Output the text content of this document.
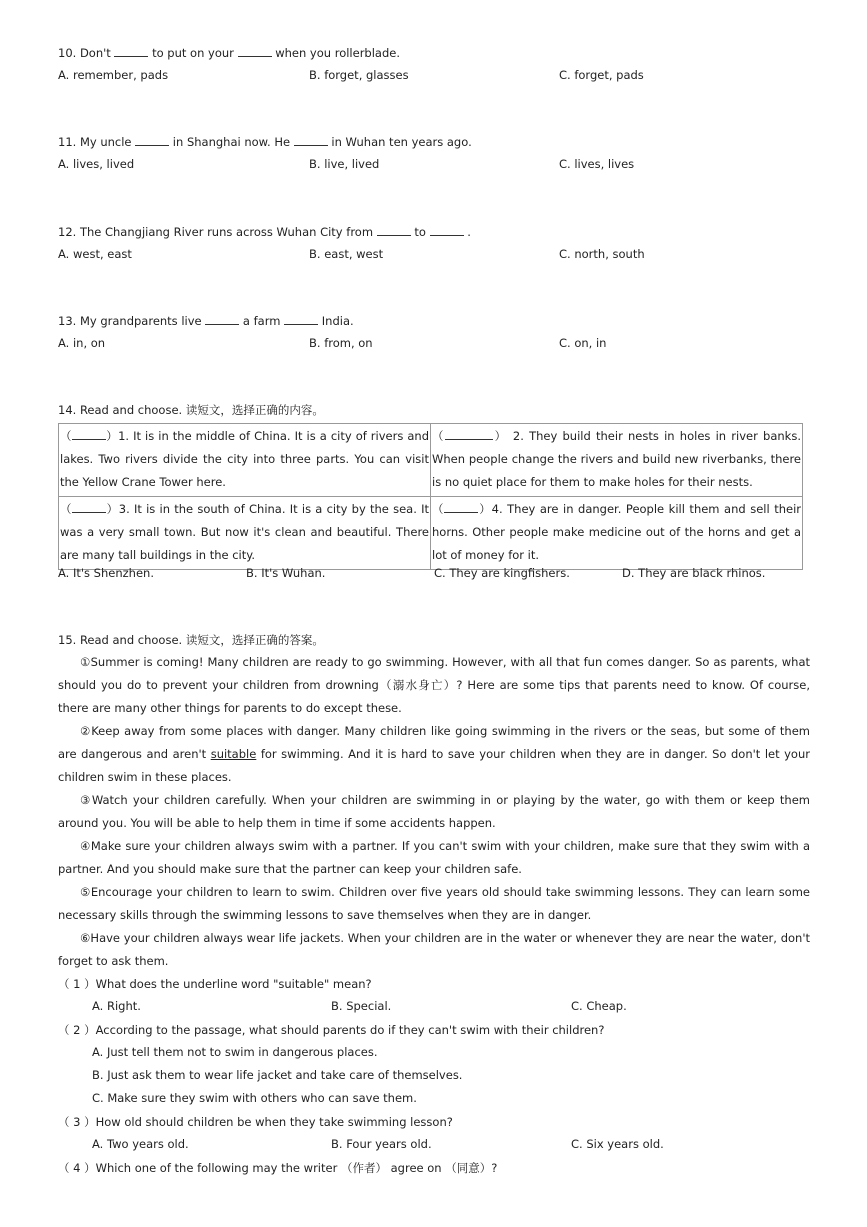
10. Don't	to put on your	when you rollerblade.
A. remember, pads	B. forget, glasses	C. forget, pads
11. My uncle	in Shanghai now. He	in Wuhan ten years ago.
A. lives, lived	B. live, lived	C. lives, lives
12. The Changjiang River runs across Wuhan City from	to	.
A. west, east	B. east, west	C. north, south
13. My grandparents live	a farm	India.
A. in, on	B. from, on	C. on, in
14. Read and choose. 读短文，选择正确的内容。
（ ）1. It is in the middle of China. It is a city of rivers and lakes. Two rivers divide the city into three parts. You can visit the Yellow Crane Tower here.	（ ） 2. They build their nests in holes in river banks. When people change the rivers and build new riverbanks, there is no quiet place for them to make holes for their nests.
（ ）3. It is in the south of China. It is a city by the sea. It was a very small town. But now it's clean and beautiful. There are many tall buildings in the city.	（ ）4. They are in danger. People kill them and sell their horns. Other people make medicine out of the horns and get a lot of money for it.
A. It's Shenzhen.	B. It's Wuhan.	C. They are kingfishers.	D. They are black rhinos.
15. Read and choose. 读短文，选择正确的答案。
①Summer is coming! Many children are ready to go swimming. However, with all that fun comes danger. So as parents, what should you do to prevent your children from drowning（溺水身亡）? Here are some tips that parents need to know. Of course, there are many other things for parents to do except these.
②Keep away from some places with danger. Many children like going swimming in the rivers or the seas, but some of them are dangerous and aren't suitable for swimming. And it is hard to save your children when they are in danger. So don't let your children swim in these places.
③Watch your children carefully. When your children are swimming in or playing by the water, go with them or keep them around you. You will be able to help them in time if some accidents happen.
④Make sure your children always swim with a partner. If you can't swim with your children, make sure that they swim with a partner. And you should make sure that the partner can keep your children safe.
⑤Encourage your children to learn to swim. Children over five years old should take swimming lessons. They can learn some necessary skills through the swimming lessons to save themselves when they are in danger.
⑥Have your children always wear life jackets. When your children are in the water or whenever they are near the water, don't forget to ask them.
（ 1 ）What does the underline word "suitable" mean?
A. Right.	B. Special.	C. Cheap.
（ 2 ）According to the passage, what should parents do if they can't swim with their children?
A. Just tell them not to swim in dangerous places.
B. Just ask them to wear life jacket and take care of themselves.
C. Make sure they swim with others who can save them.
（ 3 ）How old should children be when they take swimming lesson?
A. Two years old.	B. Four years old.	C. Six years old.
（ 4 ）Which one of the following may the writer （作者） agree on （同意）?
